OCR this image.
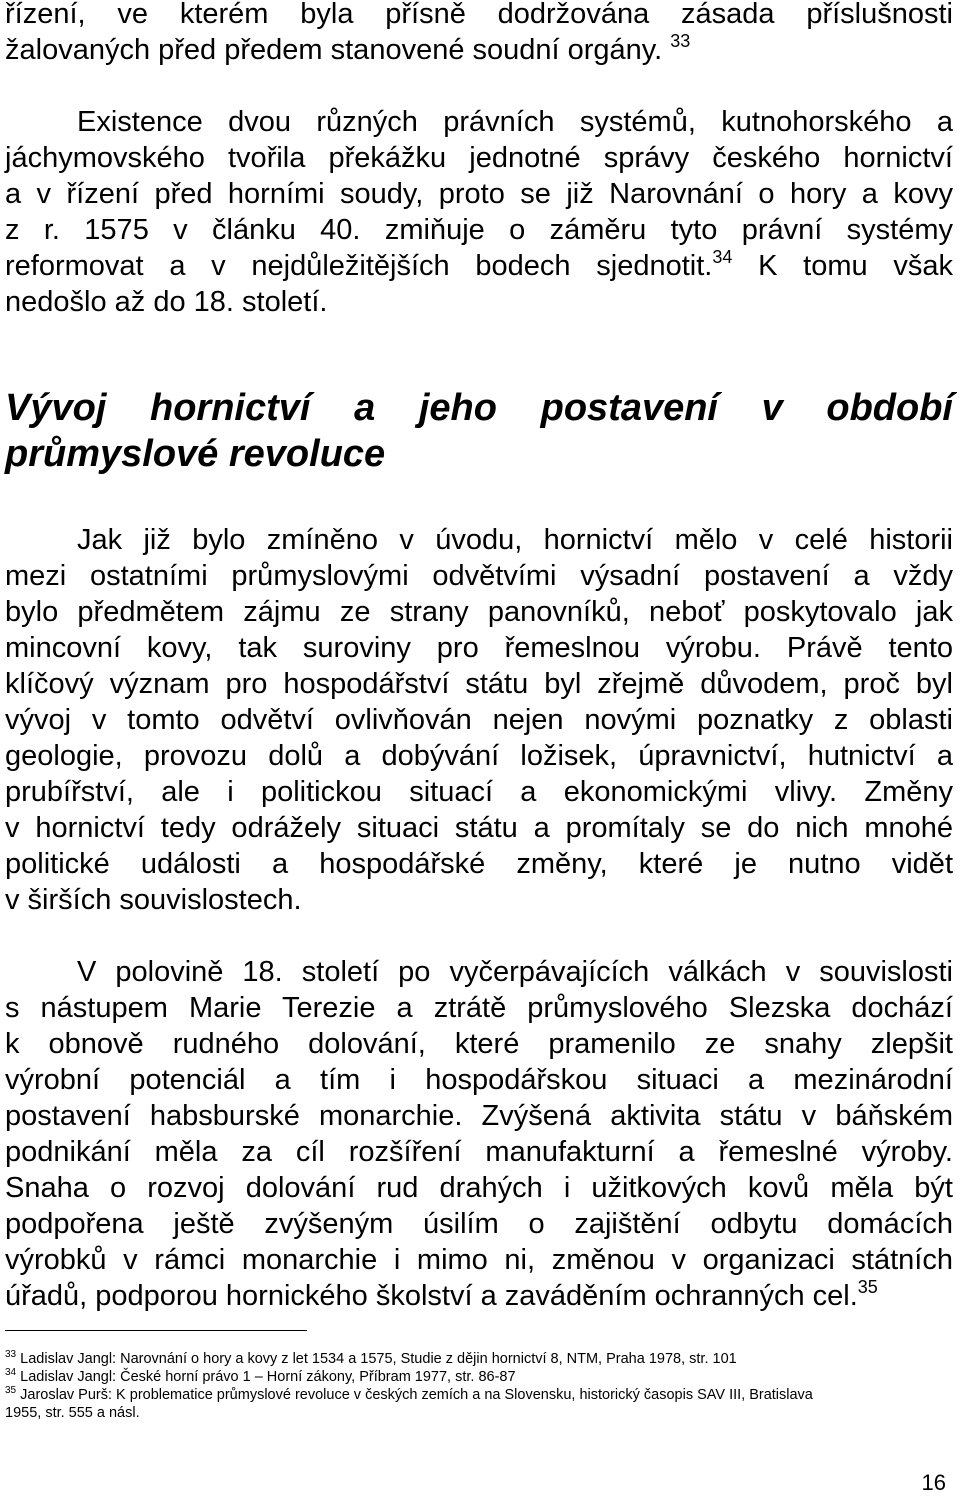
řízení, ve kterém byla přísně dodržována zásada příslušnosti
žalovaných před předem stanovené soudní orgány. $^{33}$
Existence dvou různých právních systémů, kutnohorského a
jáchymovského tvořila překážku jednotné správy českého hornictví
a v řízení před horními soudy, proto se již Narovnání o hory a kovy
z r. 1575 v článku 40. zmiňuje o záměru tyto právní systémy
reformovat a v nejdůležitějších bodech sjednotit.$^{34}$ K tomu však
nedošlo až do 18. století.
Vývoj hornictví a jeho postavení v období
průmyslové revoluce
Jak již bylo zmíněno v úvodu, hornictví mělo v celé historii
mezi ostatními průmyslovými odvětvími výsadní postavení a vždy
bylo předmětem zájmu ze strany panovníků, neboť poskytovalo jak
mincovní kovy, tak suroviny pro řemeslnou výrobu. Právě tento
klíčový význam pro hospodářství státu byl zřejmě důvodem, proč byl
vývoj v tomto odvětví ovlivňován nejen novými poznatky z oblasti
geologie, provozu dolů a dobývání ložisek, úpravnictví, hutnictví a
prubířství, ale i politickou situací a ekonomickými vlivy. Změny
v hornictví tedy odrážely situaci státu a promítaly se do nich mnohé
politické události a hospodářské změny, které je nutno vidět
v širších souvislostech.
V polovině 18. století po vyčerpávajících válkách v souvislosti
s nástupem Marie Terezie a ztrátě průmyslového Slezska dochází
k obnově rudného dolování, které pramenilo ze snahy zlepšit
výrobní potenciál a tím i hospodářskou situaci a mezinárodní
postavení habsburské monarchie. Zvýšená aktivita státu v báňském
podnikání měla za cíl rozšíření manufakturní a řemeslné výroby.
Snaha o rozvoj dolování rud drahých i užitkových kovů měla být
podpořena ještě zvýšeným úsilím o zajištění odbytu domácích
výrobků v rámci monarchie i mimo ni, změnou v organizaci státních
úřadů, podporou hornického školství a zaváděním ochranných cel.$^{35}$
$^{33}$ Ladislav Jangl: Narovnání o hory a kovy z let 1534 a 1575, Studie z dějin hornictví 8, NTM, Praha 1978, str. 101
$^{34}$ Ladislav Jangl: České horní právo 1 – Horní zákony, Příbram 1977, str. 86-87
$^{35}$ Jaroslav Purš: K problematice průmyslové revoluce v českých zemích a na Slovensku, historický časopis SAV III, Bratislava
1955, str. 555 a násl.
16
